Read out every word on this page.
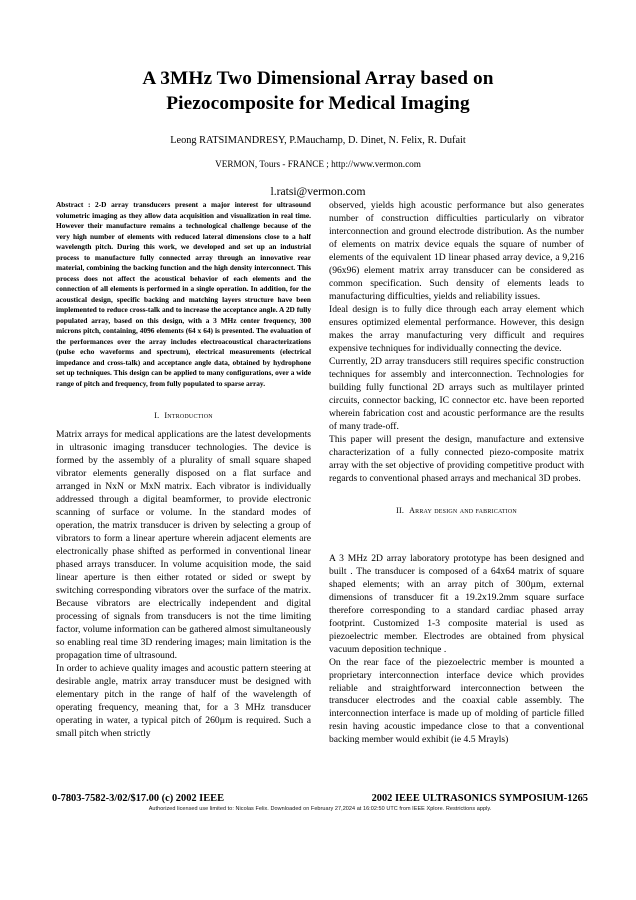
A 3MHz Two Dimensional Array based on Piezocomposite for Medical Imaging
Leong RATSIMANDRESY, P.Mauchamp, D. Dinet, N. Felix, R. Dufait
VERMON, Tours - FRANCE ; http://www.vermon.com
l.ratsi@vermon.com

Abstract : 2-D array transducers present a major interest for ultrasound volumetric imaging as they allow data acquisition and visualization in real time. However their manufacture remains a technological challenge because of the very high number of elements with reduced lateral dimensions close to a half wavelength pitch. During this work, we developed and set up an industrial process to manufacture fully connected array through an innovative rear material, combining the backing function and the high density interconnect. This process does not affect the acoustical behavior of each elements and the connection of all elements is performed in a single operation. In addition, for the acoustical design, specific backing and matching layers structure have been implemented to reduce cross-talk and to increase the acceptance angle. A 2D fully populated array, based on this design, with a 3 MHz center frequency, 300 microns pitch, containing, 4096 elements (64 x 64) is presented. The evaluation of the performances over the array includes electroacoustical characterizations (pulse echo waveforms and spectrum), electrical measurements (electrical impedance and cross-talk) and acceptance angle data, obtained by hydrophone set up techniques. This design can be applied to many configurations, over a wide range of pitch and frequency, from fully populated to sparse array.

I. Introduction

Matrix arrays for medical applications are the latest developments in ultrasonic imaging transducer technologies. The device is formed by the assembly of a plurality of small square shaped vibrator elements generally disposed on a flat surface and arranged in NxN or MxN matrix. Each vibrator is individually addressed through a digital beamformer, to provide electronic scanning of surface or volume. In the standard modes of operation, the matrix transducer is driven by selecting a group of vibrators to form a linear aperture wherein adjacent elements are electronically phase shifted as performed in conventional linear phased arrays transducer. In volume acquisition mode, the said linear aperture is then either rotated or sided or swept by switching corresponding vibrators over the surface of the matrix. Because vibrators are electrically independent and digital processing of signals from transducers is not the time limiting factor, volume information can be gathered almost simultaneously so enabling real time 3D rendering images; main limitation is the propagation time of ultrasound.

In order to achieve quality images and acoustic pattern steering at desirable angle, matrix array transducer must be designed with elementary pitch in the range of half of the wavelength of operating frequency, meaning that, for a 3 MHz transducer operating in water, a typical pitch of 260µm is required. Such a small pitch when strictly

observed, yields high acoustic performance but also generates number of construction difficulties particularly on vibrator interconnection and ground electrode distribution. As the number of elements on matrix device equals the square of number of elements of the equivalent 1D linear phased array device, a 9,216 (96x96) element matrix array transducer can be considered as common specification. Such density of elements leads to manufacturing difficulties, yields and reliability issues.

Ideal design is to fully dice through each array element which ensures optimized elemental performance. However, this design makes the array manufacturing very difficult and requires expensive techniques for individually connecting the device.

Currently, 2D array transducers still requires specific construction techniques for assembly and interconnection. Technologies for building fully functional 2D arrays such as multilayer printed circuits, connector backing, IC connector etc. have been reported wherein fabrication cost and acoustic performance are the results of many trade-off.

This paper will present the design, manufacture and extensive characterization of a fully connected piezo-composite matrix array with the set objective of providing competitive product with regards to conventional phased arrays and mechanical 3D probes.

II. Array design and fabrication

A 3 MHz 2D array laboratory prototype has been designed and built . The transducer is composed of a 64x64 matrix of square shaped elements; with an array pitch of 300µm, external dimensions of transducer fit a 19.2x19.2mm square surface therefore corresponding to a standard cardiac phased array footprint. Customized 1-3 composite material is used as piezoelectric member. Electrodes are obtained from physical vacuum deposition technique .

On the rear face of the piezoelectric member is mounted a proprietary interconnection interface device which provides reliable and straightforward interconnection between the transducer electrodes and the coaxial cable assembly. The interconnection interface is made up of molding of particle filled resin having acoustic impedance close to that a conventional backing member would exhibit (ie 4.5 Mrayls)

0-7803-7582-3/02/$17.00 (c) 2002 IEEE	2002 IEEE ULTRASONICS SYMPOSIUM-1265
Authorized licensed use limited to: Nicolas Felix. Downloaded on February 27,2024 at 16:02:50 UTC from IEEE Xplore. Restrictions apply.
